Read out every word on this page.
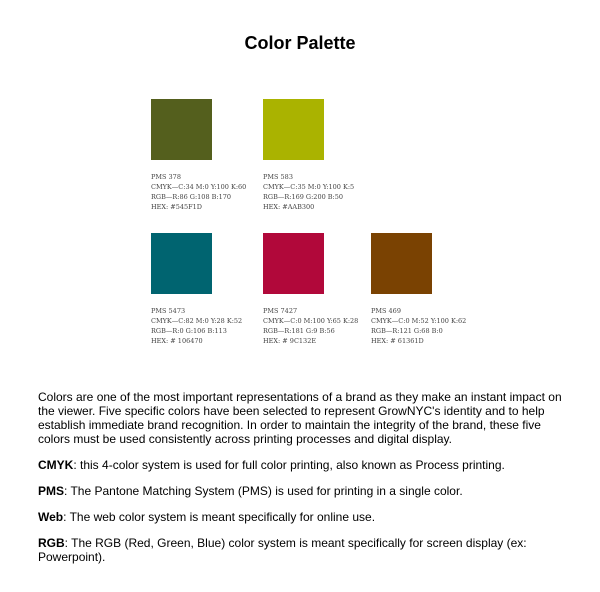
Color Palette
PMS 378
CMYK—C:34 M:0 Y:100 K:60
RGB—R:86 G:108 B:170
HEX: #545F1D
PMS 583
CMYK—C:35 M:0 Y:100 K:5
RGB—R:169 G:200 B:50
HEX: #AAB300
PMS 5473
CMYK—C:82 M:0 Y:28 K:52
RGB—R:0 G:106 B:113
HEX: # 106470
PMS 7427
CMYK—C:0 M:100 Y:65 K:28
RGB—R:181 G:9 B:56
HEX: # 9C132E
PMS 469
CMYK—C:0 M:52 Y:100 K:62
RGB—R:121 G:68 B:0
HEX: # 61361D

Colors are one of the most important representations of a brand as they make an instant impact on the viewer. Five specific colors have been selected to represent GrowNYC's identity and to help establish immediate brand recognition. In order to maintain the integrity of the brand, these five colors must be used consistently across printing processes and digital display.

CMYK: this 4-color system is used for full color printing, also known as Process printing.

PMS: The Pantone Matching System (PMS) is used for printing in a single color.

Web: The web color system is meant specifically for online use.

RGB: The RGB (Red, Green, Blue) color system is meant specifically for screen display (ex: Powerpoint).
